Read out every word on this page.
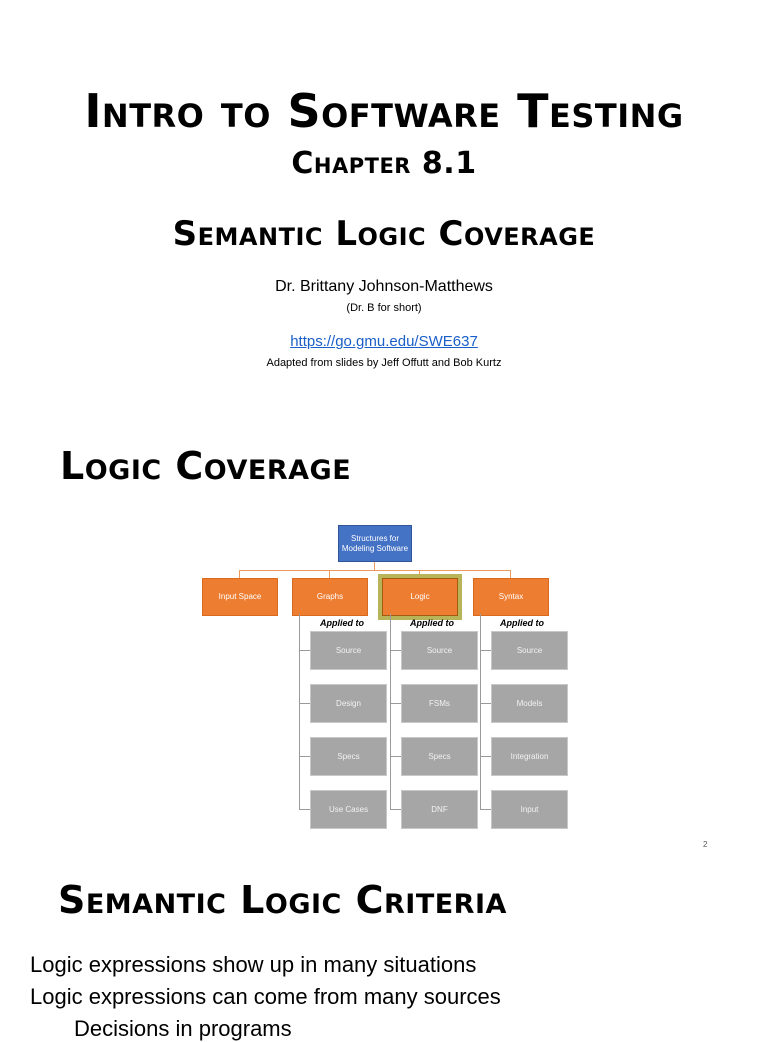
Intro to Software Testing
Chapter 8.1
Semantic Logic Coverage
Dr. Brittany Johnson-Matthews
(Dr. B for short)
https://go.gmu.edu/SWE637
Adapted from slides by Jeff Offutt and Bob Kurtz
Logic Coverage
Structures for Modeling Software
Input Space	Graphs	Logic	Syntax
Applied to	Applied to	Applied to
Source
Design
Specs
Use Cases
Source
FSMs
Specs
DNF
Source
Models
Integration
Input
2
Semantic Logic Criteria
Logic expressions show up in many situations
Logic expressions can come from many sources
Decisions in programs
